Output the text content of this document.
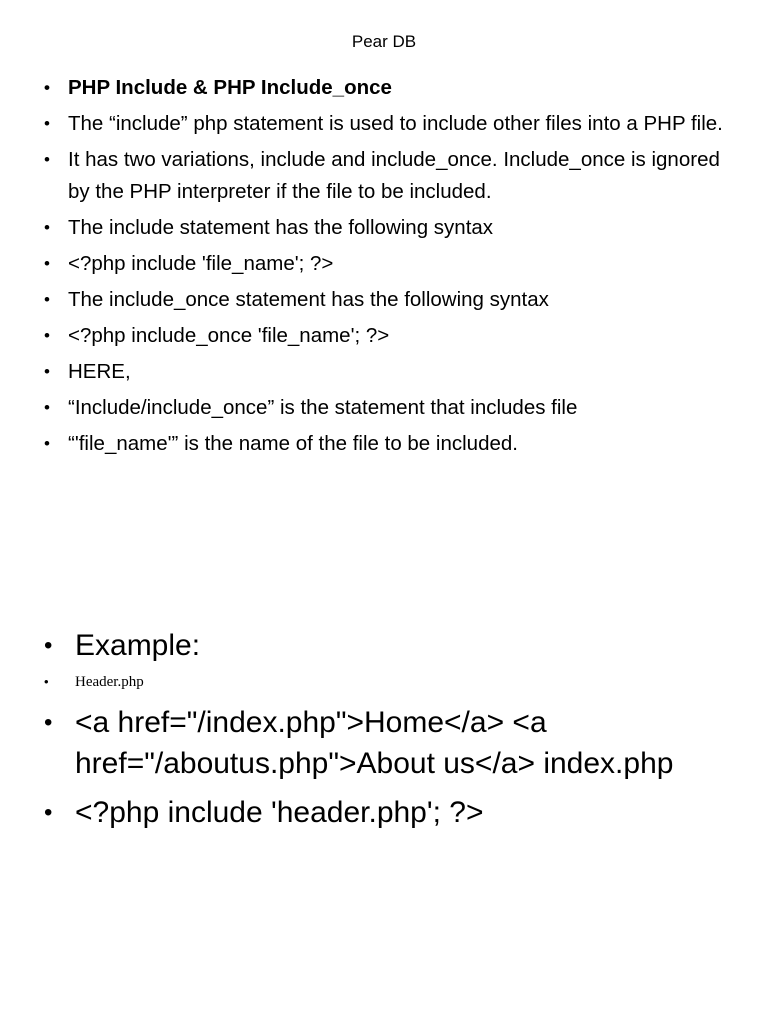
Pear DB
• PHP Include & PHP Include_once
• The “include” php statement is used to include other files into a PHP file.
• It has two variations, include and include_once. Include_once is ignored by the PHP interpreter if the file to be included.
• The include statement has the following syntax
• <?php include 'file_name'; ?>
• The include_once statement has the following syntax
• <?php include_once 'file_name'; ?>
• HERE,
• “Include/include_once” is the statement that includes file
• “'file_name'” is the name of the file to be included.
• Example:
• Header.php
• <a href="/index.php">Home</a> <a href="/aboutus.php">About us</a> index.php
• <?php include 'header.php'; ?>
